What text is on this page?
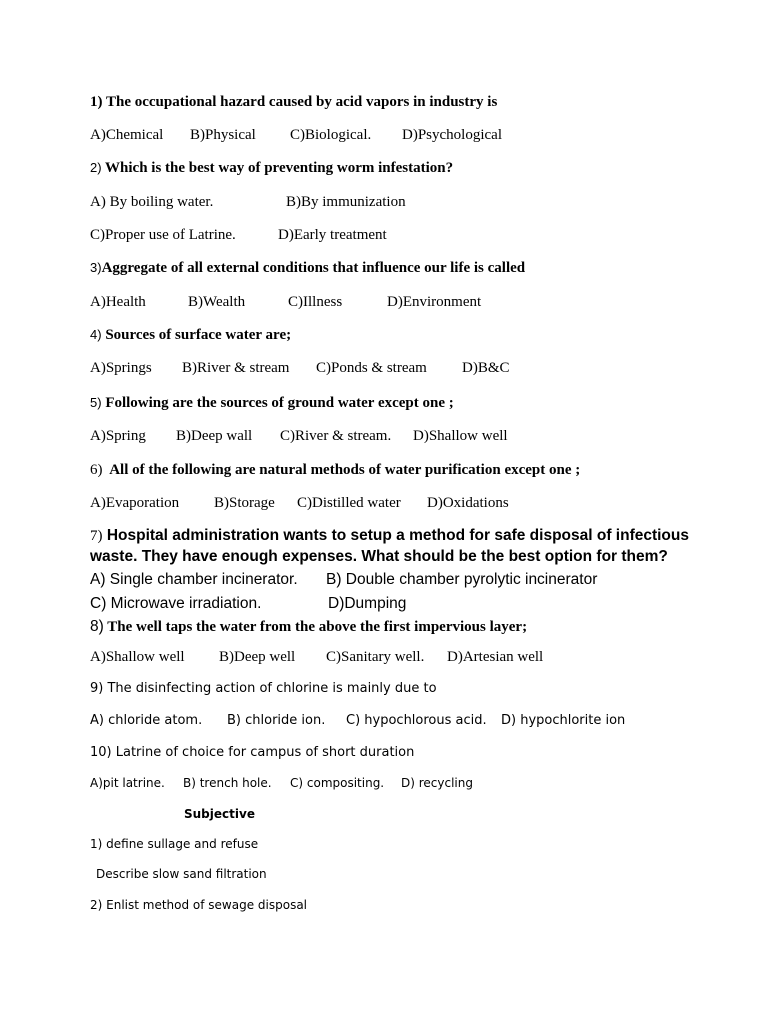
1) The occupational hazard caused by acid vapors in industry is
A)Chemical B)Physical C)Biological. D)Psychological
2) Which is the best way of preventing worm infestation?
A) By boiling water.	B)By immunization
C)Proper use of Latrine.	D)Early treatment
3)Aggregate of all external conditions that influence our life is called
A)Health	B)Wealth	C)Illness	D)Environment
4) Sources of surface water are;
A)Springs B)River & stream C)Ponds & stream D)B&C
5) Following are the sources of ground water except one ;
A)Spring B)Deep wall C)River & stream. D)Shallow well
6) All of the following are natural methods of water purification except one ;
A)Evaporation B)Storage C)Distilled water D)Oxidations
7) Hospital administration wants to setup a method for safe disposal of infectious
waste. They have enough expenses. What should be the best option for them?
A) Single chamber incinerator. B) Double chamber pyrolytic incinerator
C) Microwave irradiation.	D)Dumping
8) The well taps the water from the above the first impervious layer;
A)Shallow well B)Deep well C)Sanitary well. D)Artesian well
9) The disinfecting action of chlorine is mainly due to
A) chloride atom. B) chloride ion. C) hypochlorous acid. D) hypochlorite ion
10) Latrine of choice for campus of short duration
A)pit latrine. B) trench hole. C) compositing. D) recycling
Subjective
1) define sullage and refuse
Describe slow sand filtration
2) Enlist method of sewage disposal
